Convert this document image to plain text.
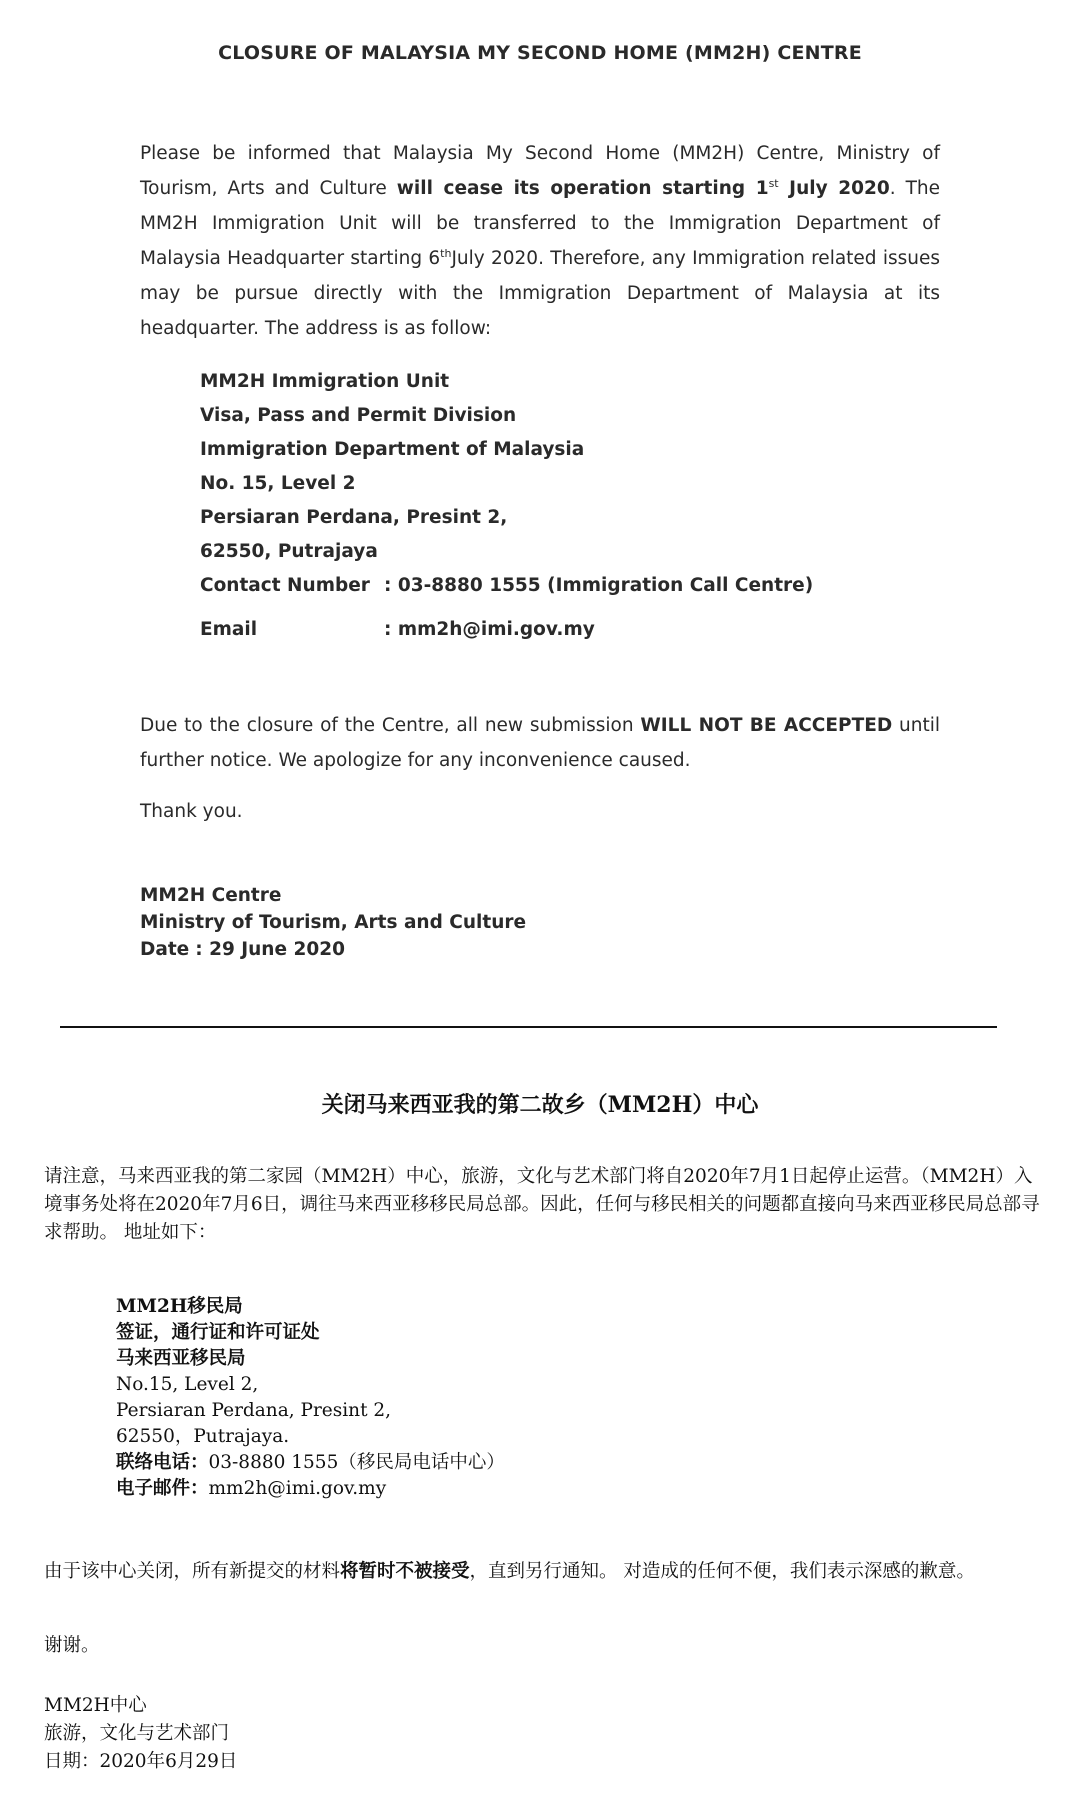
CLOSURE OF MALAYSIA MY SECOND HOME (MM2H) CENTRE
Please be informed that Malaysia My Second Home (MM2H) Centre, Ministry of Tourism, Arts and Culture will cease its operation starting 1st July 2020. The MM2H Immigration Unit will be transferred to the Immigration Department of Malaysia Headquarter starting 6thJuly 2020. Therefore, any Immigration related issues may be pursue directly with the Immigration Department of Malaysia at its headquarter. The address is as follow:
MM2H Immigration Unit
Visa, Pass and Permit Division
Immigration Department of Malaysia
No. 15, Level 2
Persiaran Perdana, Presint 2,
62550, Putrajaya
Contact Number : 03-8880 1555 (Immigration Call Centre)
Email	: mm2h@imi.gov.my
Due to the closure of the Centre, all new submission WILL NOT BE ACCEPTED until further notice. We apologize for any inconvenience caused.
Thank you.
MM2H Centre
Ministry of Tourism, Arts and Culture
Date : 29 June 2020
关闭马来西亚我的第二故乡（MM2H）中心
请注意，马来西亚我的第二家园（MM2H）中心，旅游，文化与艺术部门将自2020年7月1日起停止运营。（MM2H）入境事务处将在2020年7月6日，调往马来西亚移移民局总部。因此，任何与移民相关的问题都直接向马来西亚移民局总部寻求帮助。 地址如下：
MM2H移民局
签证，通行证和许可证处
马来西亚移民局
No.15, Level 2,
Persiaran Perdana, Presint 2,
62550，Putrajaya.
联络电话：03-8880 1555（移民局电话中心）
电子邮件：mm2h@imi.gov.my
由于该中心关闭，所有新提交的材料将暂时不被接受，直到另行通知。 对造成的任何不便，我们表示深感的歉意。
谢谢。
MM2H中心
旅游，文化与艺术部门
日期：2020年6月29日
